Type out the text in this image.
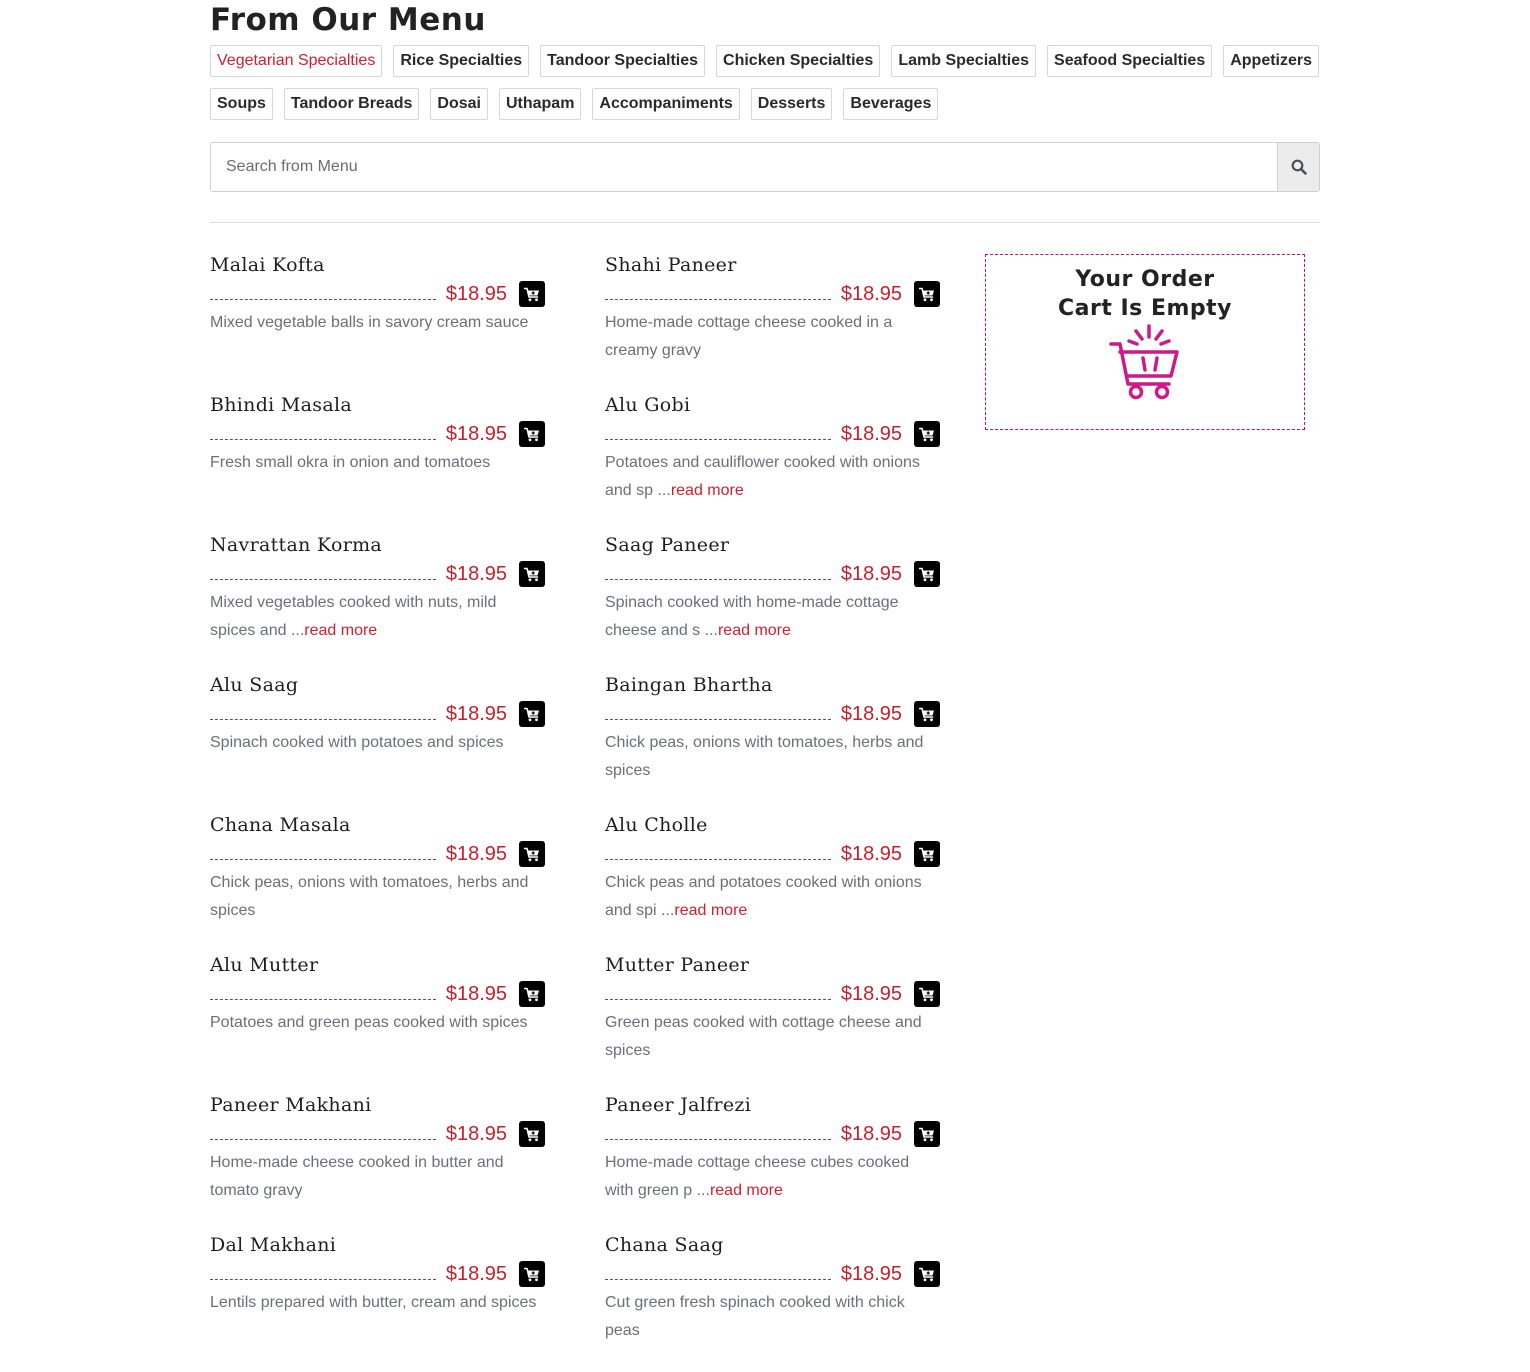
From Our Menu
Vegetarian Specialties	Rice Specialties	Tandoor Specialties	Chicken Specialties	Lamb Specialties	Seafood Specialties	Appetizers
Soups	Tandoor Breads	Dosai	Uthapam	Accompaniments	Desserts	Beverages
Search from Menu
Malai Kofta
$18.95
Mixed vegetable balls in savory cream sauce
Shahi Paneer
$18.95
Home-made cottage cheese cooked in a creamy gravy
Bhindi Masala
$18.95
Fresh small okra in onion and tomatoes
Alu Gobi
$18.95
Potatoes and cauliflower cooked with onions and sp ...read more
Navrattan Korma
$18.95
Mixed vegetables cooked with nuts, mild spices and ...read more
Saag Paneer
$18.95
Spinach cooked with home-made cottage cheese and s ...read more
Alu Saag
$18.95
Spinach cooked with potatoes and spices
Baingan Bhartha
$18.95
Chick peas, onions with tomatoes, herbs and spices
Chana Masala
$18.95
Chick peas, onions with tomatoes, herbs and spices
Alu Cholle
$18.95
Chick peas and potatoes cooked with onions and spi ...read more
Alu Mutter
$18.95
Potatoes and green peas cooked with spices
Mutter Paneer
$18.95
Green peas cooked with cottage cheese and spices
Paneer Makhani
$18.95
Home-made cheese cooked in butter and tomato gravy
Paneer Jalfrezi
$18.95
Home-made cottage cheese cubes cooked with green p ...read more
Dal Makhani
$18.95
Lentils prepared with butter, cream and spices
Chana Saag
$18.95
Cut green fresh spinach cooked with chick peas
Your Order
Cart Is Empty
